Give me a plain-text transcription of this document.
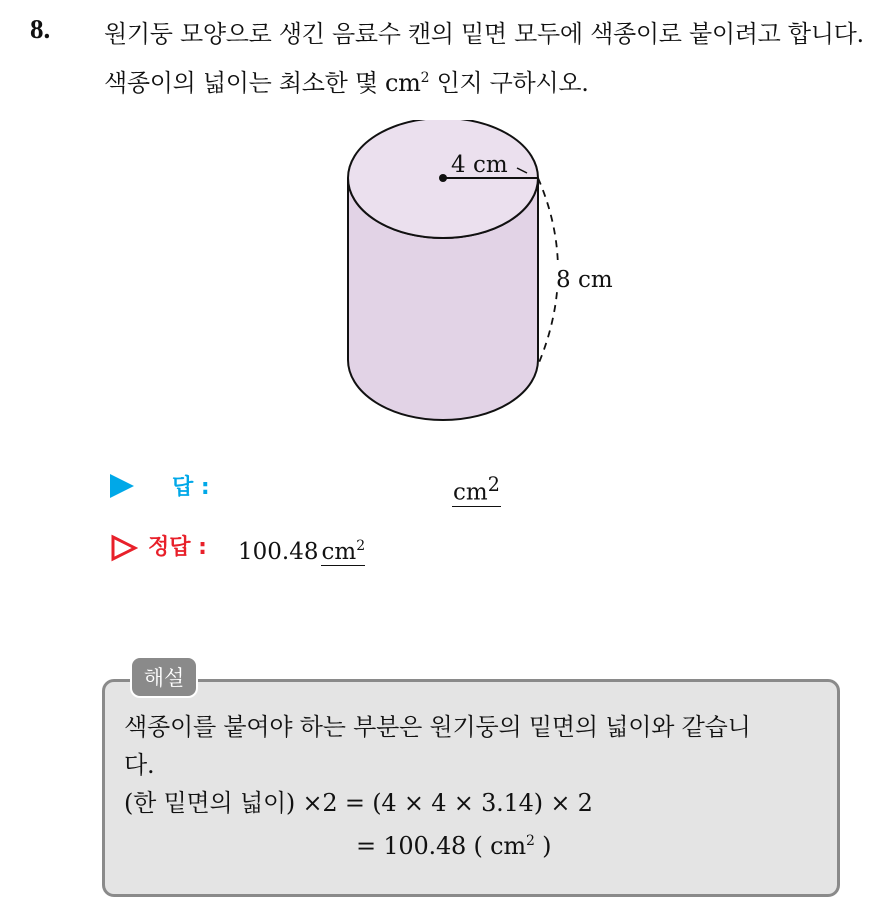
8. 원기둥 모양으로 생긴 음료수 캔의 밑면 모두에 색종이로 붙이려고 합니다. 색종이의 넓이는 최소한 몇 $cm^2$ 인지 구하시오.
4 cm
8 cm
답 :	$cm^2$
정답 : 100.48 $cm^2$
해설
색종이를 붙여야 하는 부분은 원기둥의 밑면의 넓이와 같습니
다.
(한 밑면의 넓이) ×2 = (4 × 4 × 3.14) × 2
= 100.48 ( $cm^2$ )
